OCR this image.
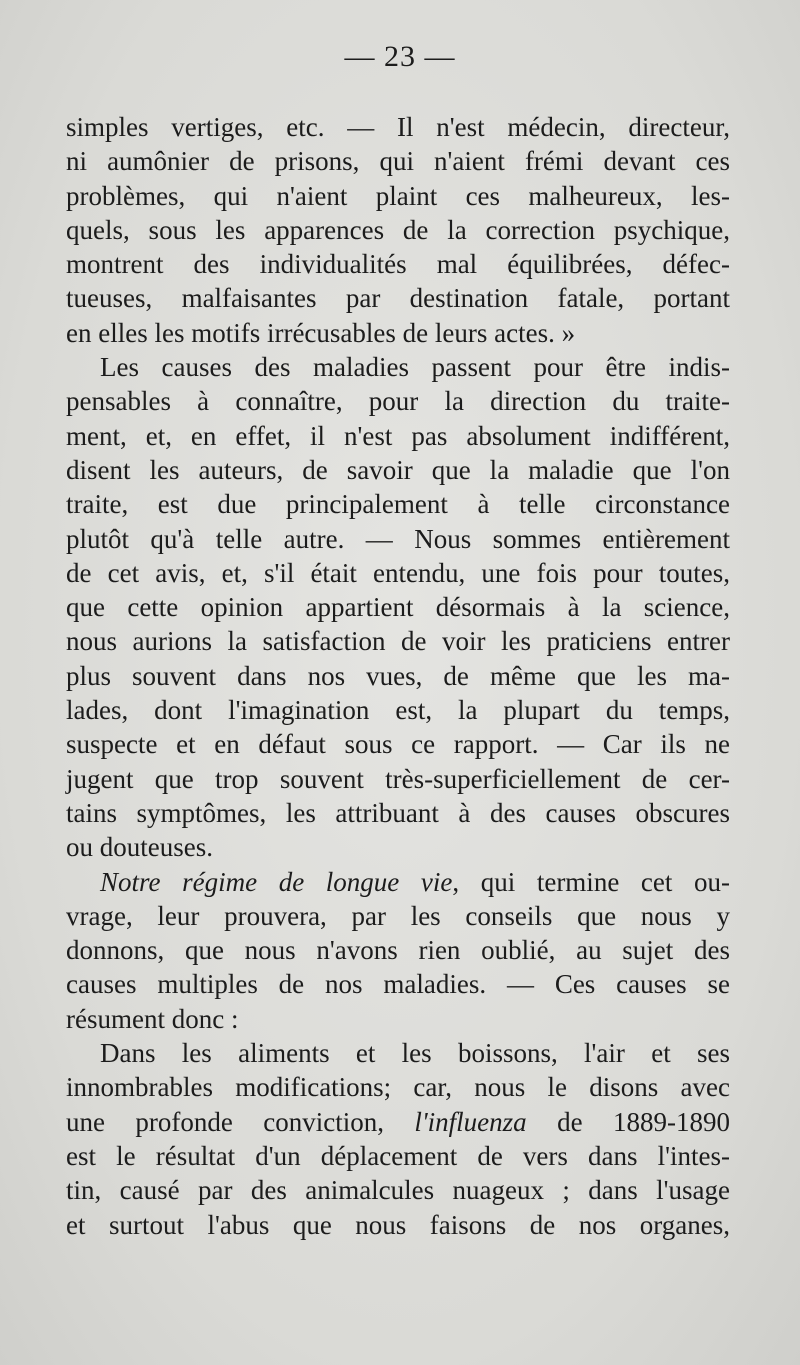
— 23 —
simples vertiges, etc. — Il n'est médecin, directeur,
ni aumônier de prisons, qui n'aient frémi devant ces
problèmes, qui n'aient plaint ces malheureux, les-
quels, sous les apparences de la correction psychique,
montrent des individualités mal équilibrées, défec-
tueuses, malfaisantes par destination fatale, portant
en elles les motifs irrécusables de leurs actes. »
Les causes des maladies passent pour être indis-
pensables à connaître, pour la direction du traite-
ment, et, en effet, il n'est pas absolument indifférent,
disent les auteurs, de savoir que la maladie que l'on
traite, est due principalement à telle circonstance
plutôt qu'à telle autre. — Nous sommes entièrement
de cet avis, et, s'il était entendu, une fois pour toutes,
que cette opinion appartient désormais à la science,
nous aurions la satisfaction de voir les praticiens entrer
plus souvent dans nos vues, de même que les ma-
lades, dont l'imagination est, la plupart du temps,
suspecte et en défaut sous ce rapport. — Car ils ne
jugent que trop souvent très-superficiellement de cer-
tains symptômes, les attribuant à des causes obscures
ou douteuses.
Notre régime de longue vie, qui termine cet ou-
vrage, leur prouvera, par les conseils que nous y
donnons, que nous n'avons rien oublié, au sujet des
causes multiples de nos maladies. — Ces causes se
résument donc :
Dans les aliments et les boissons, l'air et ses
innombrables modifications; car, nous le disons avec
une profonde conviction, l'influenza de 1889-1890
est le résultat d'un déplacement de vers dans l'intes-
tin, causé par des animalcules nuageux ; dans l'usage
et surtout l'abus que nous faisons de nos organes,
